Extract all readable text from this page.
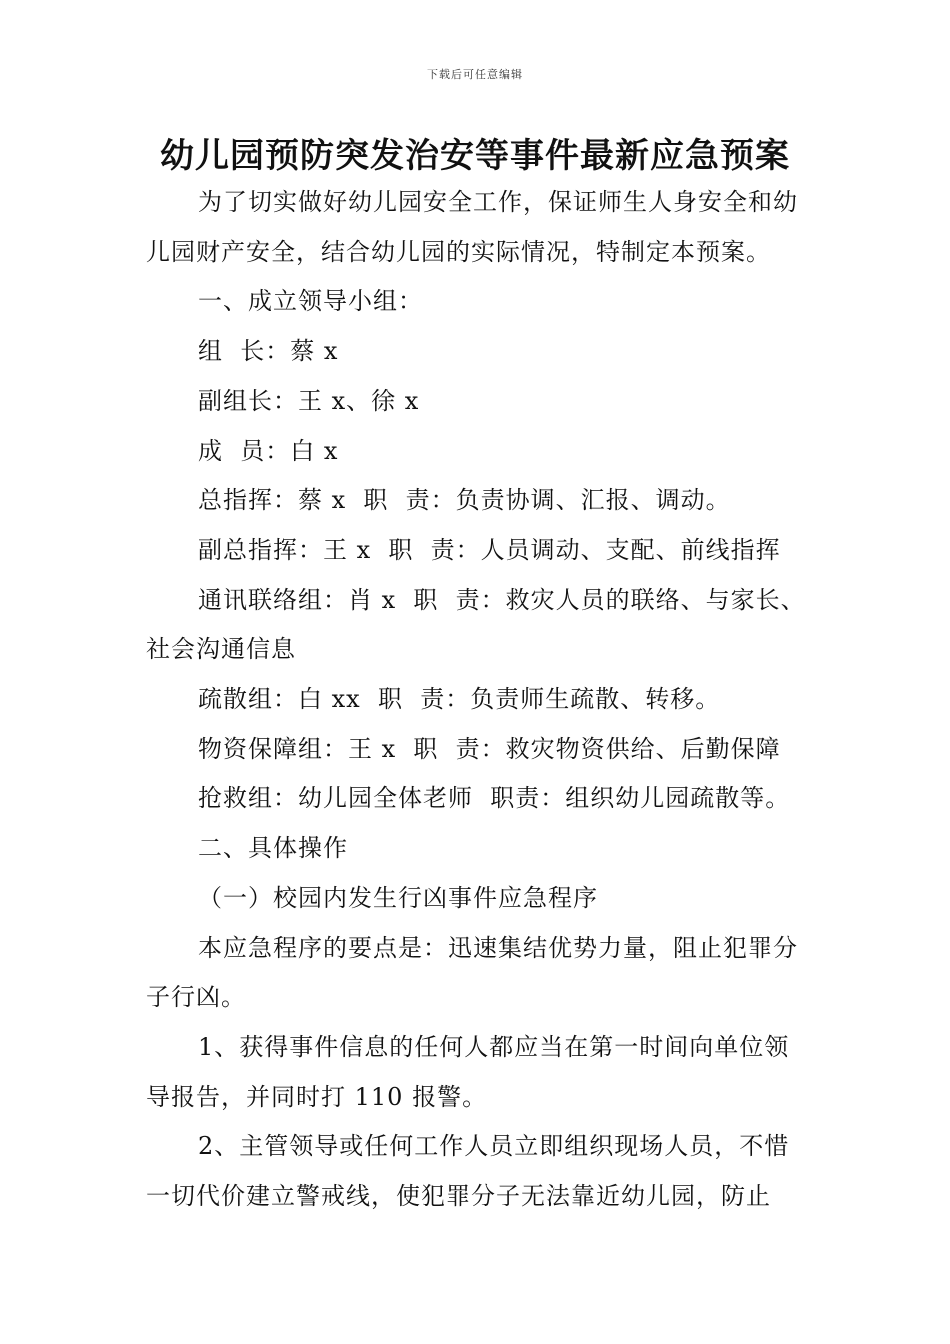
下载后可任意编辑
幼儿园预防突发治安等事件最新应急预案

为了切实做好幼儿园安全工作，保证师生人身安全和幼儿园财产安全，结合幼儿园的实际情况，特制定本预案。

一、成立领导小组：

组  长：蔡 x

副组长：王 x、徐 x

成  员：白 x

总指挥：蔡 x  职  责：负责协调、汇报、调动。

副总指挥：王 x  职  责：人员调动、支配、前线指挥

通讯联络组：肖 x  职  责：救灾人员的联络、与家长、社会沟通信息

疏散组：白 xx  职  责：负责师生疏散、转移。

物资保障组：王 x  职  责：救灾物资供给、后勤保障

抢救组：幼儿园全体老师  职责：组织幼儿园疏散等。

二、具体操作

（一）校园内发生行凶事件应急程序

本应急程序的要点是：迅速集结优势力量，阻止犯罪分子行凶。

1、获得事件信息的任何人都应当在第一时间向单位领导报告，并同时打 110 报警。

2、主管领导或任何工作人员立即组织现场人员，不惜一切代价建立警戒线，使犯罪分子无法靠近幼儿园，防止
